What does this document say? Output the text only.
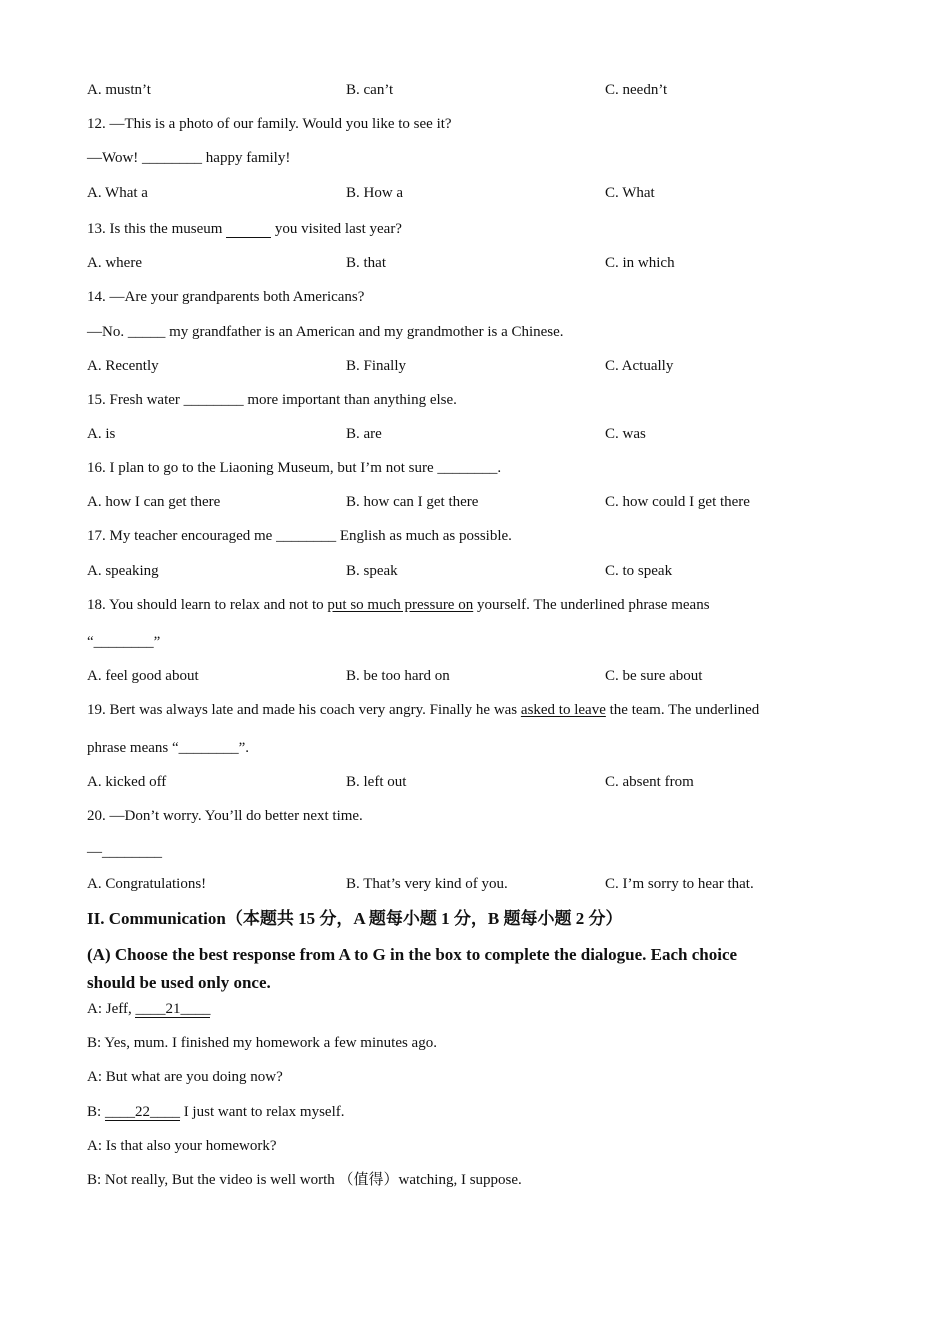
A. mustn’t	B. can’t	C. needn’t
12. —This is a photo of our family. Would you like to see it?
—Wow! ________ happy family!
A. What a	B. How a	C. What
13. Is this the museum	you visited last year?
A. where	B. that	C. in which
14. —Are your grandparents both Americans?
—No. _____ my grandfather is an American and my grandmother is a Chinese.
A. Recently	B. Finally	C. Actually
15. Fresh water ________ more important than anything else.
A. is	B. are	C. was
16. I plan to go to the Liaoning Museum, but I’m not sure ________.
A. how I can get there	B. how can I get there	C. how could I get there
17. My teacher encouraged me ________ English as much as possible.
A. speaking	B. speak	C. to speak
18. You should learn to relax and not to put so much pressure on yourself. The underlined phrase means
“________”
A. feel good about	B. be too hard on	C. be sure about
19. Bert was always late and made his coach very angry. Finally he was asked to leave the team. The underlined
phrase means “________”.
A. kicked off	B. left out	C. absent from
20. —Don’t worry. You’ll do better next time.
—________
A. Congratulations!	B. That’s very kind of you.	C. I’m sorry to hear that.
II. Communication（本题共 15 分，A 题每小题 1 分，B 题每小题 2 分）
(A) Choose the best response from A to G in the box to complete the dialogue. Each choice
should be used only once.
A: Jeff, ____21____
B: Yes, mum. I finished my homework a few minutes ago.
A: But what are you doing now?
B: ____22____ I just want to relax myself.
A: Is that also your homework?
B: Not really, But the video is well worth （值得）watching, I suppose.
